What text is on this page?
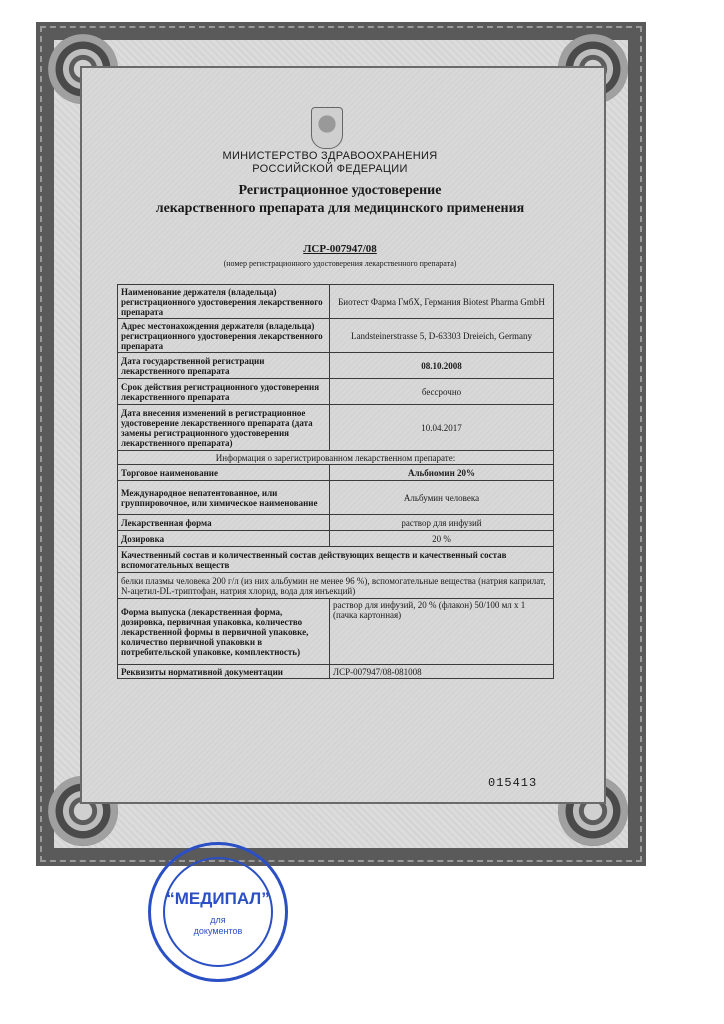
МИНИСТЕРСТВО ЗДРАВООХРАНЕНИЯ
РОССИЙСКОЙ ФЕДЕРАЦИИ
Регистрационное удостоверение
лекарственного препарата для медицинского применения
ЛСР-007947/08
(номер регистрационного удостоверения лекарственного препарата)
Наименование держателя (владельца) регистрационного удостоверения лекарственного препарата	Биотест Фарма ГмбХ, Германия Biotest Pharma GmbH
Адрес местонахождения держателя (владельца) регистрационного удостоверения лекарственного препарата	Landsteinerstrasse 5, D-63303 Dreieich, Germany
Дата государственной регистрации лекарственного препарата	08.10.2008
Срок действия регистрационного удостоверения лекарственного препарата	бессрочно
Дата внесения изменений в регистрационное удостоверение лекарственного препарата (дата замены регистрационного удостоверения лекарственного препарата)	10.04.2017
Информация о зарегистрированном лекарственном препарате:	
Торговое наименование	Альбиомин 20%
Международное непатентованное, или группировочное, или химическое наименование	Альбумин человека
Лекарственная форма	раствор для инфузий
Дозировка	20 %
Качественный состав и количественный состав действующих веществ и качественный состав вспомогательных веществ	
белки плазмы человека 200 г/л (из них альбумин не менее 96 %), вспомогательные вещества (натрия каприлат, N-ацетил-DL-триптофан, натрия хлорид, вода для инъекций)	
Форма выпуска (лекарственная форма, дозировка, первичная упаковка, количество лекарственной формы в первичной упаковке, количество первичной упаковки в потребительской упаковке, комплектность)	раствор для инфузий, 20 % (флакон) 50/100 мл x 1 (пачка картонная)
Реквизиты нормативной документации	ЛСР-007947/08-081008
015413
“МЕДИПАЛ”
для
документов
